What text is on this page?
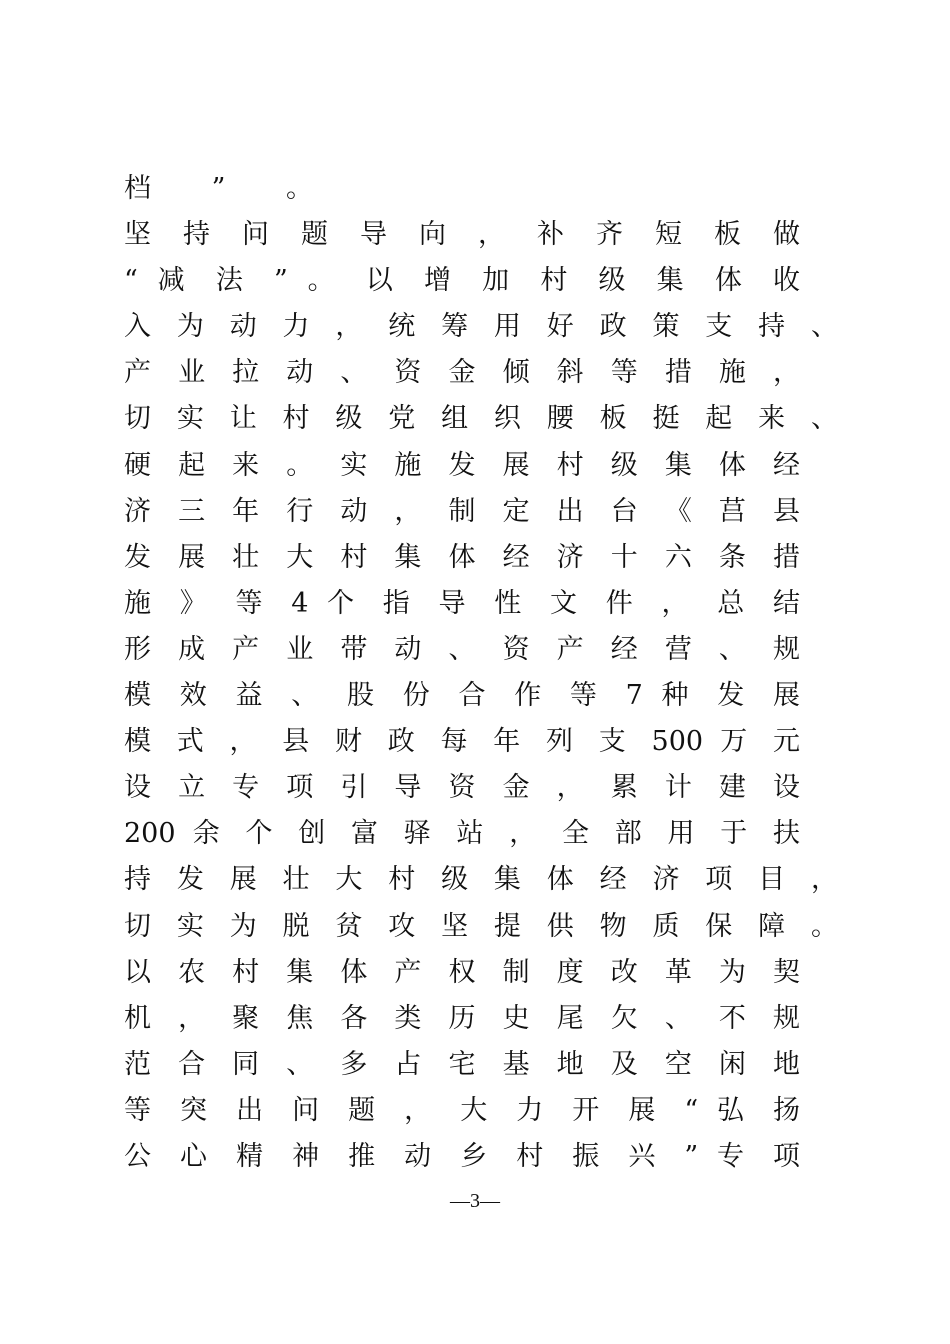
档 ” 。
坚 持 问 题 导 向 ， 补 齐 短 板 做
“ 减 法 ” 。 以 增 加 村 级 集 体 收
入 为 动 力 ， 统 筹 用 好 政 策 支 持 、
产 业 拉 动 、 资 金 倾 斜 等 措 施 ，
切 实 让 村 级 党 组 织 腰 板 挺 起 来 、
硬 起 来 。 实 施 发 展 村 级 集 体 经
济 三 年 行 动 ， 制 定 出 台 《 莒 县
发 展 壮 大 村 集 体 经 济 十 六 条 措
施 》 等 4 个 指 导 性 文 件 ， 总 结
形 成 产 业 带 动 、 资 产 经 营 、 规
模 效 益 、 股 份 合 作 等 7 种 发 展
模 式 ， 县 财 政 每 年 列 支 500 万 元
设 立 专 项 引 导 资 金 ， 累 计 建 设
200 余 个 创 富 驿 站 ， 全 部 用 于 扶
持 发 展 壮 大 村 级 集 体 经 济 项 目 ，
切 实 为 脱 贫 攻 坚 提 供 物 质 保 障 。
以 农 村 集 体 产 权 制 度 改 革 为 契
机 ， 聚 焦 各 类 历 史 尾 欠 、 不 规
范 合 同 、 多 占 宅 基 地 及 空 闲 地
等 突 出 问 题 ， 大 力 开 展 “ 弘 扬
公 心 精 神 推 动 乡 村 振 兴 ” 专 项
—3—
